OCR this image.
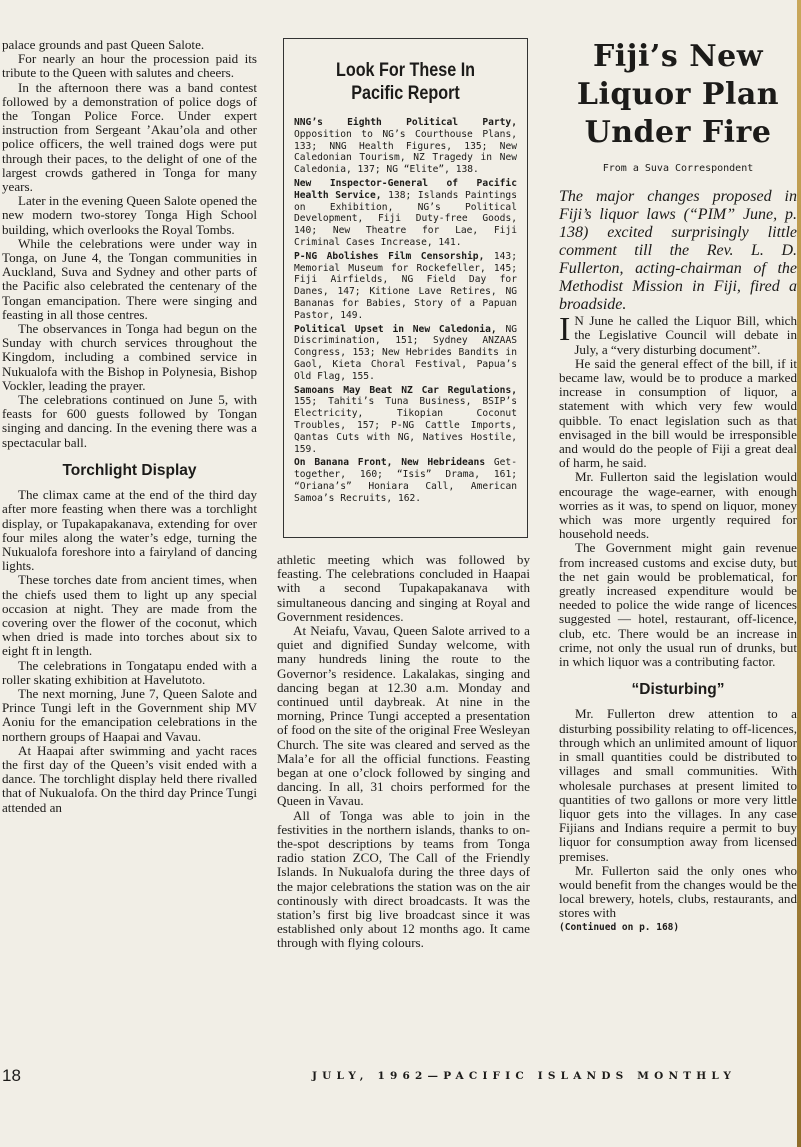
palace grounds and past Queen Salote.

For nearly an hour the procession paid its tribute to the Queen with salutes and cheers.

In the afternoon there was a band contest followed by a demonstration of police dogs of the Tongan Police Force. Under expert instruction from Sergeant ’Akau’ola and other police officers, the well trained dogs were put through their paces, to the delight of one of the largest crowds gathered in Tonga for many years.

Later in the evening Queen Salote opened the new modern two-storey Tonga High School building, which overlooks the Royal Tombs.

While the celebrations were under way in Tonga, on June 4, the Tongan communities in Auckland, Suva and Sydney and other parts of the Pacific also celebrated the centenary of the Tongan emancipation. There were singing and feasting in all those centres.

The observances in Tonga had begun on the Sunday with church services throughout the Kingdom, including a combined service in Nukualofa with the Bishop in Polynesia, Bishop Vockler, leading the prayer.

The celebrations continued on June 5, with feasts for 600 guests followed by Tongan singing and dancing. In the evening there was a spectacular ball.

Torchlight Display

The climax came at the end of the third day after more feasting when there was a torchlight display, or Tupakapakanava, extending for over four miles along the water’s edge, turning the Nukualofa foreshore into a fairyland of dancing lights.

These torches date from ancient times, when the chiefs used them to light up any special occasion at night. They are made from the covering over the flower of the coconut, which when dried is made into torches about six to eight ft in length.

The celebrations in Tongatapu ended with a roller skating exhibition at Havelutoto.

The next morning, June 7, Queen Salote and Prince Tungi left in the Government ship MV Aoniu for the emancipation celebrations in the northern groups of Haapai and Vavau.

At Haapai after swimming and yacht races the first day of the Queen’s visit ended with a dance. The torchlight display held there rivalled that of Nukualofa. On the third day Prince Tungi attended an

Look For These In
Pacific Report
NNG’s Eighth Political Party, Opposition to NG’s Courthouse Plans, 133; NNG Health Figures, 135; New Caledonian Tourism, NZ Tragedy in New Caledonia, 137; NG “Elite”, 138.
New Inspector-General of Pacific Health Service, 138; Islands Paintings on Exhibition, NG’s Political Development, Fiji Duty-free Goods, 140; New Theatre for Lae, Fiji Criminal Cases Increase, 141.
P-NG Abolishes Film Censorship, 143; Memorial Museum for Rockefeller, 145; Fiji Airfields, NG Field Day for Danes, 147; Kitione Lave Retires, NG Bananas for Babies, Story of a Papuan Pastor, 149.
Political Upset in New Caledonia, NG Discrimination, 151; Sydney ANZAAS Congress, 153; New Hebrides Bandits in Gaol, Kieta Choral Festival, Papua’s Old Flag, 155.
Samoans May Beat NZ Car Regulations, 155; Tahiti’s Tuna Business, BSIP’s Electricity, Tikopian Coconut Troubles, 157; P-NG Cattle Imports, Qantas Cuts with NG, Natives Hostile, 159.
On Banana Front, New Hebrideans Get-together, 160; “Isis” Drama, 161; “Oriana’s” Honiara Call, American Samoa’s Recruits, 162.

athletic meeting which was followed by feasting. The celebrations concluded in Haapai with a second Tupakapakanava with simultaneous dancing and singing at Royal and Government residences.

At Neiafu, Vavau, Queen Salote arrived to a quiet and dignified Sunday welcome, with many hundreds lining the route to the Governor’s residence. Lakalakas, singing and dancing began at 12.30 a.m. Monday and continued until daybreak. At nine in the morning, Prince Tungi accepted a presentation of food on the site of the original Free Wesleyan Church. The site was cleared and served as the Mala’e for all the official functions. Feasting began at one o’clock followed by singing and dancing. In all, 31 choirs performed for the Queen in Vavau.

All of Tonga was able to join in the festivities in the northern islands, thanks to on-the-spot descriptions by teams from Tonga radio station ZCO, The Call of the Friendly Islands. In Nukualofa during the three days of the major celebrations the station was on the air continously with direct broadcasts. It was the station’s first big live broadcast since it was established only about 12 months ago. It came through with flying colours.

Fiji’s New
Liquor Plan
Under Fire
From a Suva Correspondent

The major changes proposed in Fiji’s liquor laws (“PIM” June, p. 138) excited surprisingly little comment till the Rev. L. D. Fullerton, acting-chairman of the Methodist Mission in Fiji, fired a broadside.

I N June he called the Liquor Bill, which the Legislative Council will debate in July, a “very disturbing document”.

He said the general effect of the bill, if it became law, would be to produce a marked increase in consumption of liquor, a statement with which very few would quibble. To enact legislation such as that envisaged in the bill would be irresponsible and would do the people of Fiji a great deal of harm, he said.

Mr. Fullerton said the legislation would encourage the wage-earner, with enough worries as it was, to spend on liquor, money which was more urgently required for household needs.

The Government might gain revenue from increased customs and excise duty, but the net gain would be problematical, for greatly increased expenditure would be needed to police the wide range of licences suggested — hotel, restaurant, off-licence, club, etc. There would be an increase in crime, not only the usual run of drunks, but in which liquor was a contributing factor.

“Disturbing”

Mr. Fullerton drew attention to a disturbing possibility relating to off-licences, through which an unlimited amount of liquor in small quantities could be distributed to villages and small communities. With wholesale purchases at present limited to quantities of two gallons or more very little liquor gets into the villages. In any case Fijians and Indians require a permit to buy liquor for consumption away from licensed premises.

Mr. Fullerton said the only ones who would benefit from the changes would be the local brewery, hotels, clubs, restaurants, and stores with

(Continued on p. 168)

18	JULY, 1962—PACIFIC ISLANDS MONTHLY
